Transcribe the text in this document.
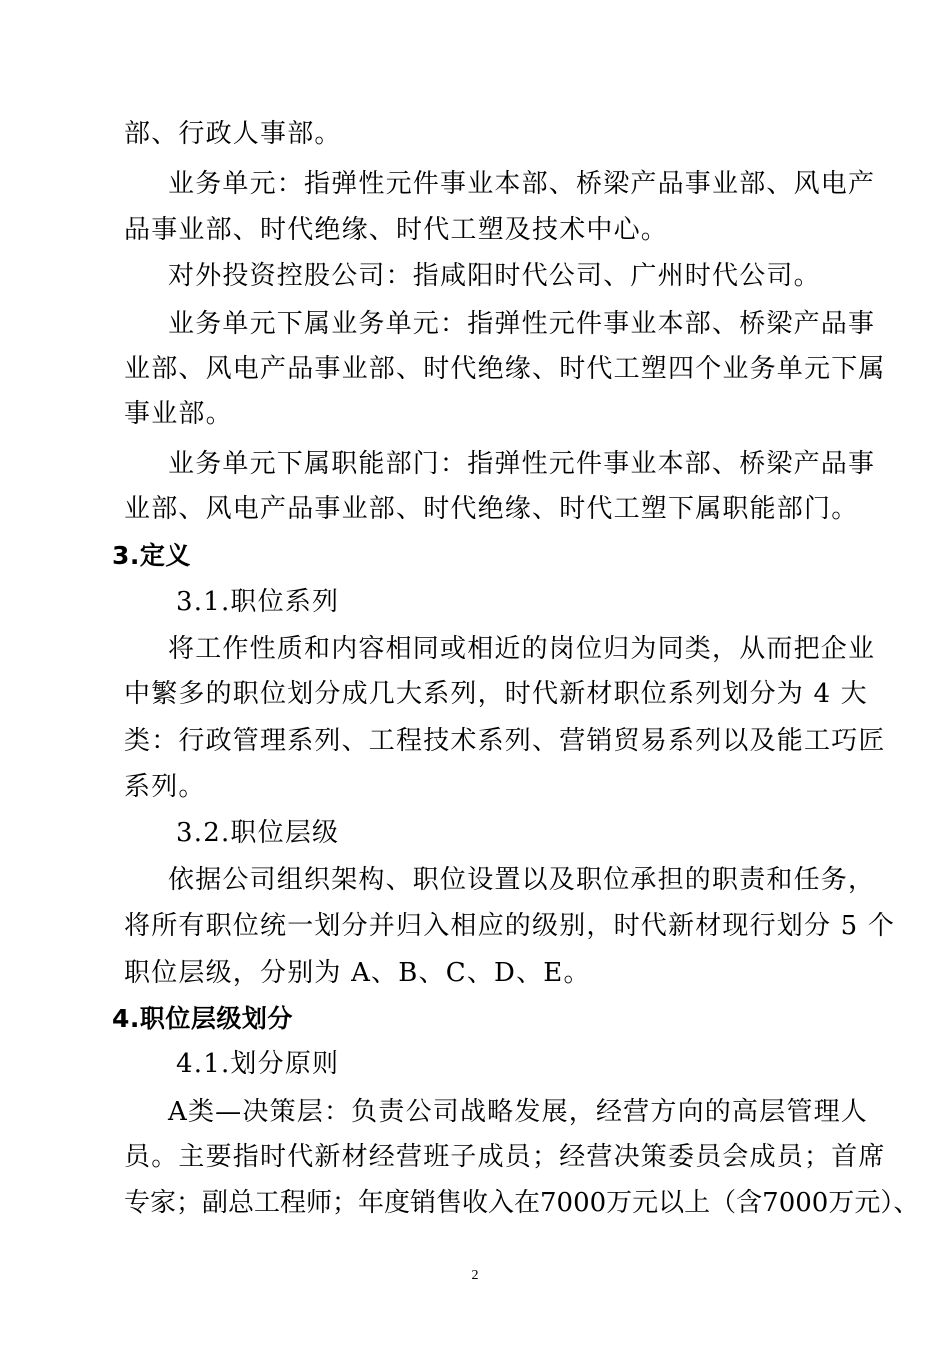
部、行政人事部。
业务单元：指弹性元件事业本部、桥梁产品事业部、风电产
品事业部、时代绝缘、时代工塑及技术中心。
对外投资控股公司：指咸阳时代公司、广州时代公司。
业务单元下属业务单元：指弹性元件事业本部、桥梁产品事
业部、风电产品事业部、时代绝缘、时代工塑四个业务单元下属
事业部。
业务单元下属职能部门：指弹性元件事业本部、桥梁产品事
业部、风电产品事业部、时代绝缘、时代工塑下属职能部门。
3.定义
3.1.职位系列
将工作性质和内容相同或相近的岗位归为同类，从而把企业
中繁多的职位划分成几大系列，时代新材职位系列划分为 4 大
类：行政管理系列、工程技术系列、营销贸易系列以及能工巧匠
系列。
3.2.职位层级
依据公司组织架构、职位设置以及职位承担的职责和任务，
将所有职位统一划分并归入相应的级别，时代新材现行划分 5 个
职位层级，分别为 A、B、C、D、E。
4.职位层级划分
4.1.划分原则
A类—决策层：负责公司战略发展，经营方向的高层管理人
员。主要指时代新材经营班子成员；经营决策委员会成员；首席
专家；副总工程师；年度销售收入在7000万元以上（含7000万元）、
2
